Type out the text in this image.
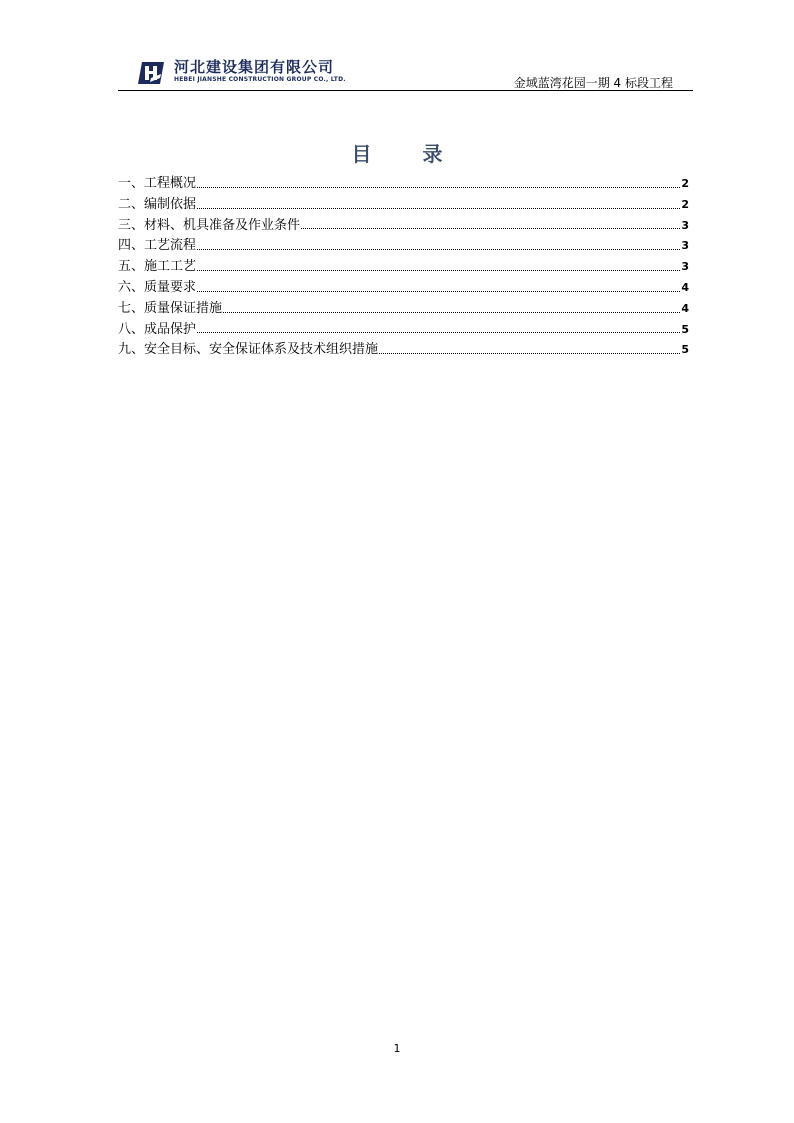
河北建设集团有限公司
HEBEI JIANSHE CONSTRUCTION GROUP CO., LTD.	金域蓝湾花园一期 4 标段工程
目 录
一、工程概况	2
二、编制依据	2
三、材料、机具准备及作业条件	3
四、工艺流程	3
五、施工工艺	3
六、质量要求	4
七、质量保证措施	4
八、成品保护	5
九、安全目标、安全保证体系及技术组织措施	5
1
